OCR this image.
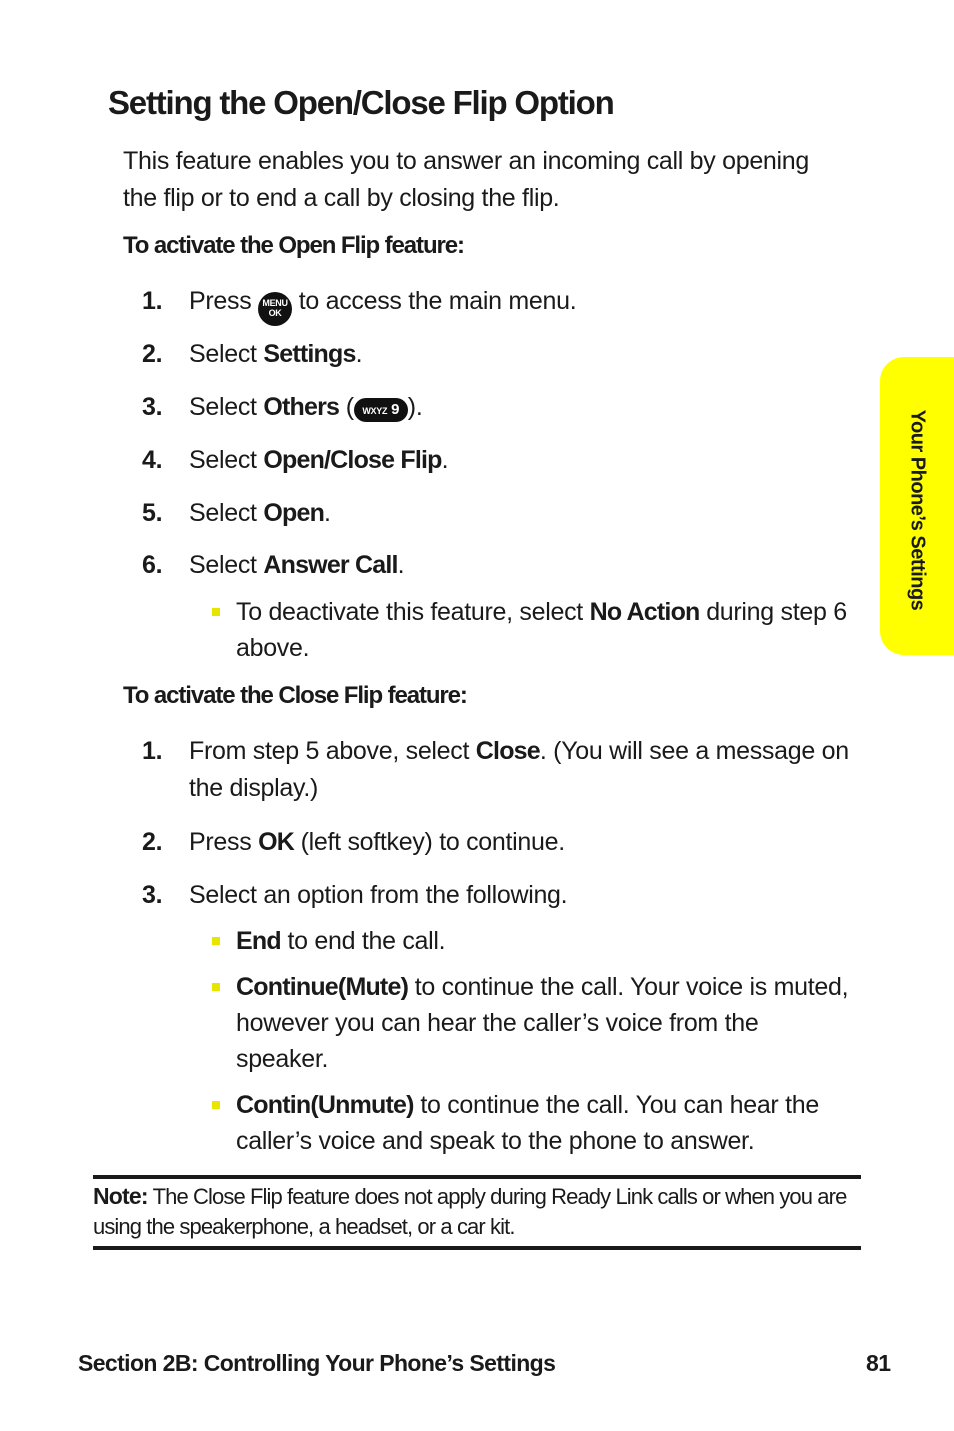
Setting the Open/Close Flip Option
This feature enables you to answer an incoming call by opening the flip or to end a call by closing the flip.
To activate the Open Flip feature:
1. Press MENU
OK to access the main menu.
2. Select Settings.
3. Select Others ( WXYZ 9 ).
4. Select Open/Close Flip.
5. Select Open.
6. Select Answer Call.
To deactivate this feature, select No Action during step 6 above.
To activate the Close Flip feature:
1. From step 5 above, select Close. (You will see a message on the display.)
2. Press OK (left softkey) to continue.
3. Select an option from the following.
End to end the call.
Continue(Mute) to continue the call. Your voice is muted, however you can hear the caller’s voice from the speaker.
Contin(Unmute) to continue the call. You can hear the caller’s voice and speak to the phone to answer.
Note: The Close Flip feature does not apply during Ready Link calls or when you are using the speakerphone, a headset, or a car kit.
Your Phone’s Settings
Section 2B: Controlling Your Phone’s Settings	81
